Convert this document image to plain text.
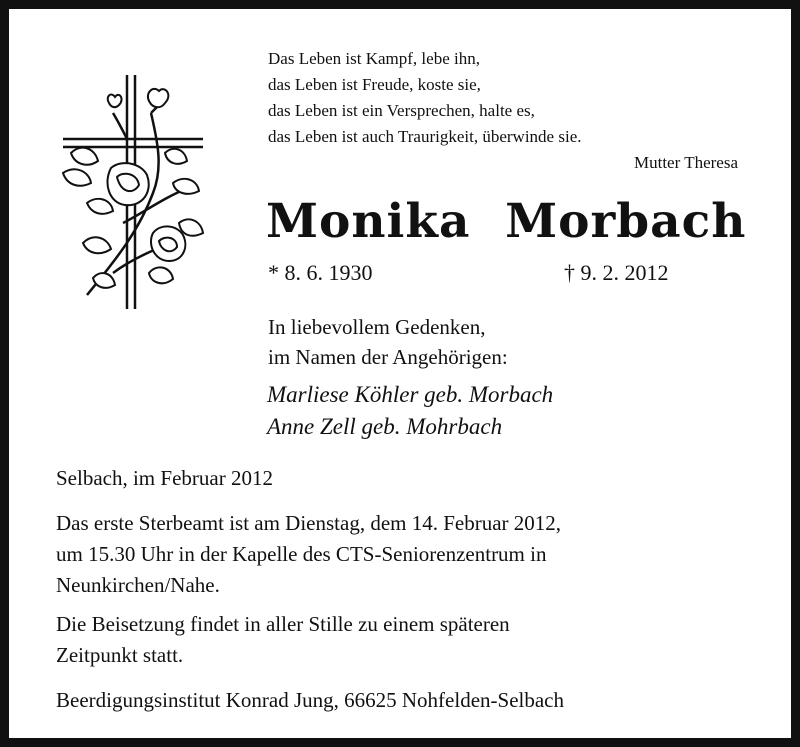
Das Leben ist Kampf, lebe ihn,
das Leben ist Freude, koste sie,
das Leben ist ein Versprechen, halte es,
das Leben ist auch Traurigkeit, überwinde sie.
Mutter Theresa
Monika  Morbach
* 8. 6. 1930	† 9. 2. 2012
In liebevollem Gedenken,
im Namen der Angehörigen:
Marliese Köhler geb. Morbach
Anne Zell geb. Mohrbach

Selbach, im Februar 2012

Das erste Sterbeamt ist am Dienstag, dem 14. Februar 2012,
um 15.30 Uhr in der Kapelle des CTS-Seniorenzentrum in
Neunkirchen/Nahe.

Die Beisetzung findet in aller Stille zu einem späteren
Zeitpunkt statt.

Beerdigungsinstitut Konrad Jung, 66625 Nohfelden-Selbach
